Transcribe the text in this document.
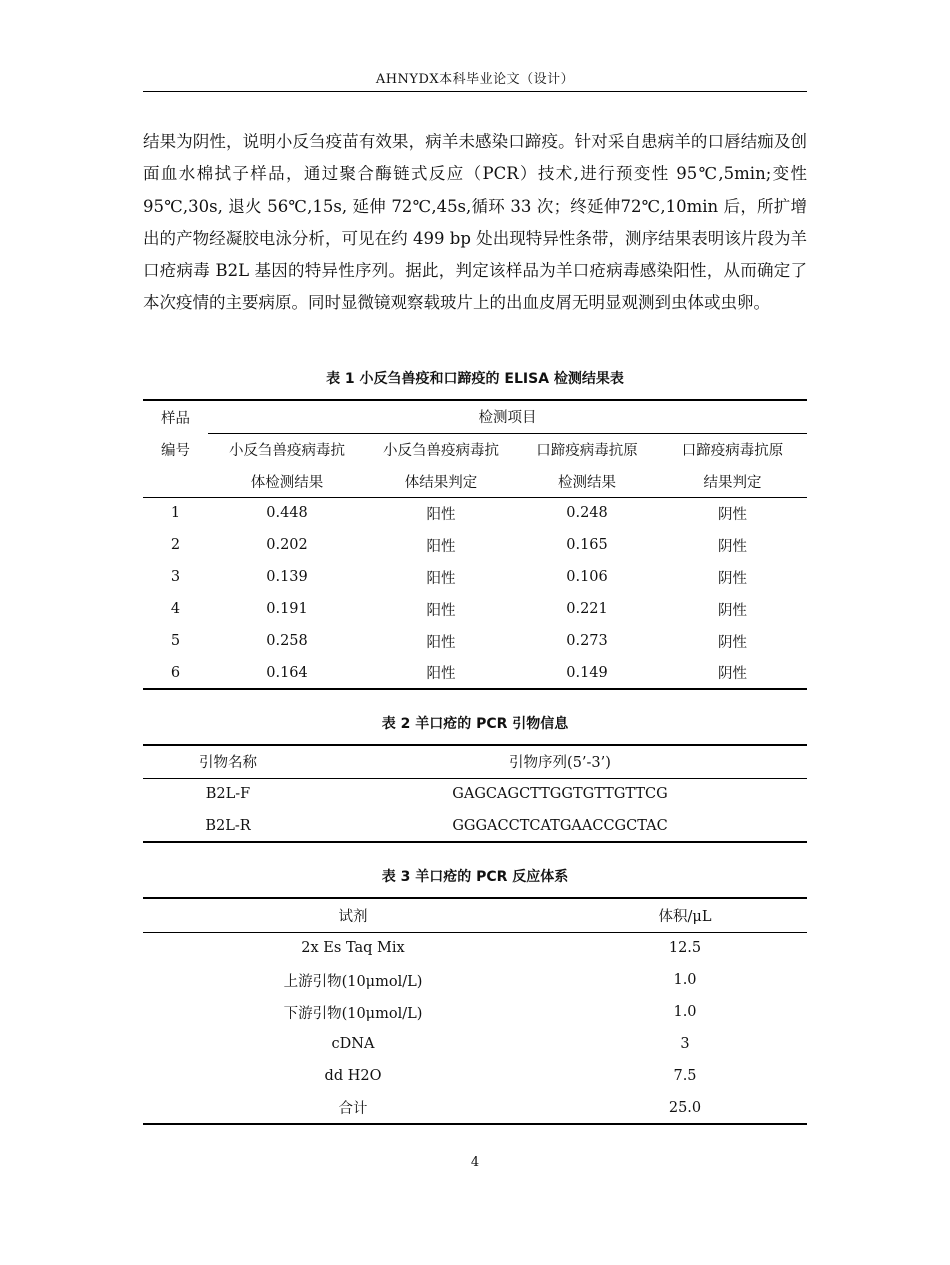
AHNYDX本科毕业论文（设计）

结果为阴性，说明小反刍疫苗有效果，病羊未感染口蹄疫。针对采自患病羊的口唇结痂及创面血水棉拭子样品，通过聚合酶链式反应（PCR）技术,进行预变性 95℃,5min;变性 95℃,30s, 退火 56℃,15s, 延伸 72℃,45s,循环 33 次；终延伸72℃,10min 后，所扩增出的产物经凝胶电泳分析，可见在约 499 bp 处出现特异性条带，测序结果表明该片段为羊口疮病毒 B2L 基因的特异性序列。据此，判定该样品为羊口疮病毒感染阳性，从而确定了本次疫情的主要病原。同时显微镜观察载玻片上的出血皮屑无明显观测到虫体或虫卵。

表 1 小反刍兽疫和口蹄疫的 ELISA 检测结果表
样品	检测项目			
编号	小反刍兽疫病毒抗	小反刍兽疫病毒抗	口蹄疫病毒抗原	口蹄疫病毒抗原
	体检测结果	体结果判定	检测结果	结果判定
1	0.448	阳性	0.248	阴性
2	0.202	阳性	0.165	阴性
3	0.139	阳性	0.106	阴性
4	0.191	阳性	0.221	阴性
5	0.258	阳性	0.273	阴性
6	0.164	阳性	0.149	阴性
表 2 羊口疮的 PCR 引物信息
引物名称	引物序列(5’-3’)
B2L-F	GAGCAGCTTGGTGTTGTTCG
B2L-R	GGGACCTCATGAACCGCTAC
表 3 羊口疮的 PCR 反应体系
试剂	体积/μL
2x Es Taq Mix	12.5
上游引物(10μmol/L)	1.0
下游引物(10μmol/L)	1.0
cDNA	3
dd H2O	7.5
合计	25.0
4
